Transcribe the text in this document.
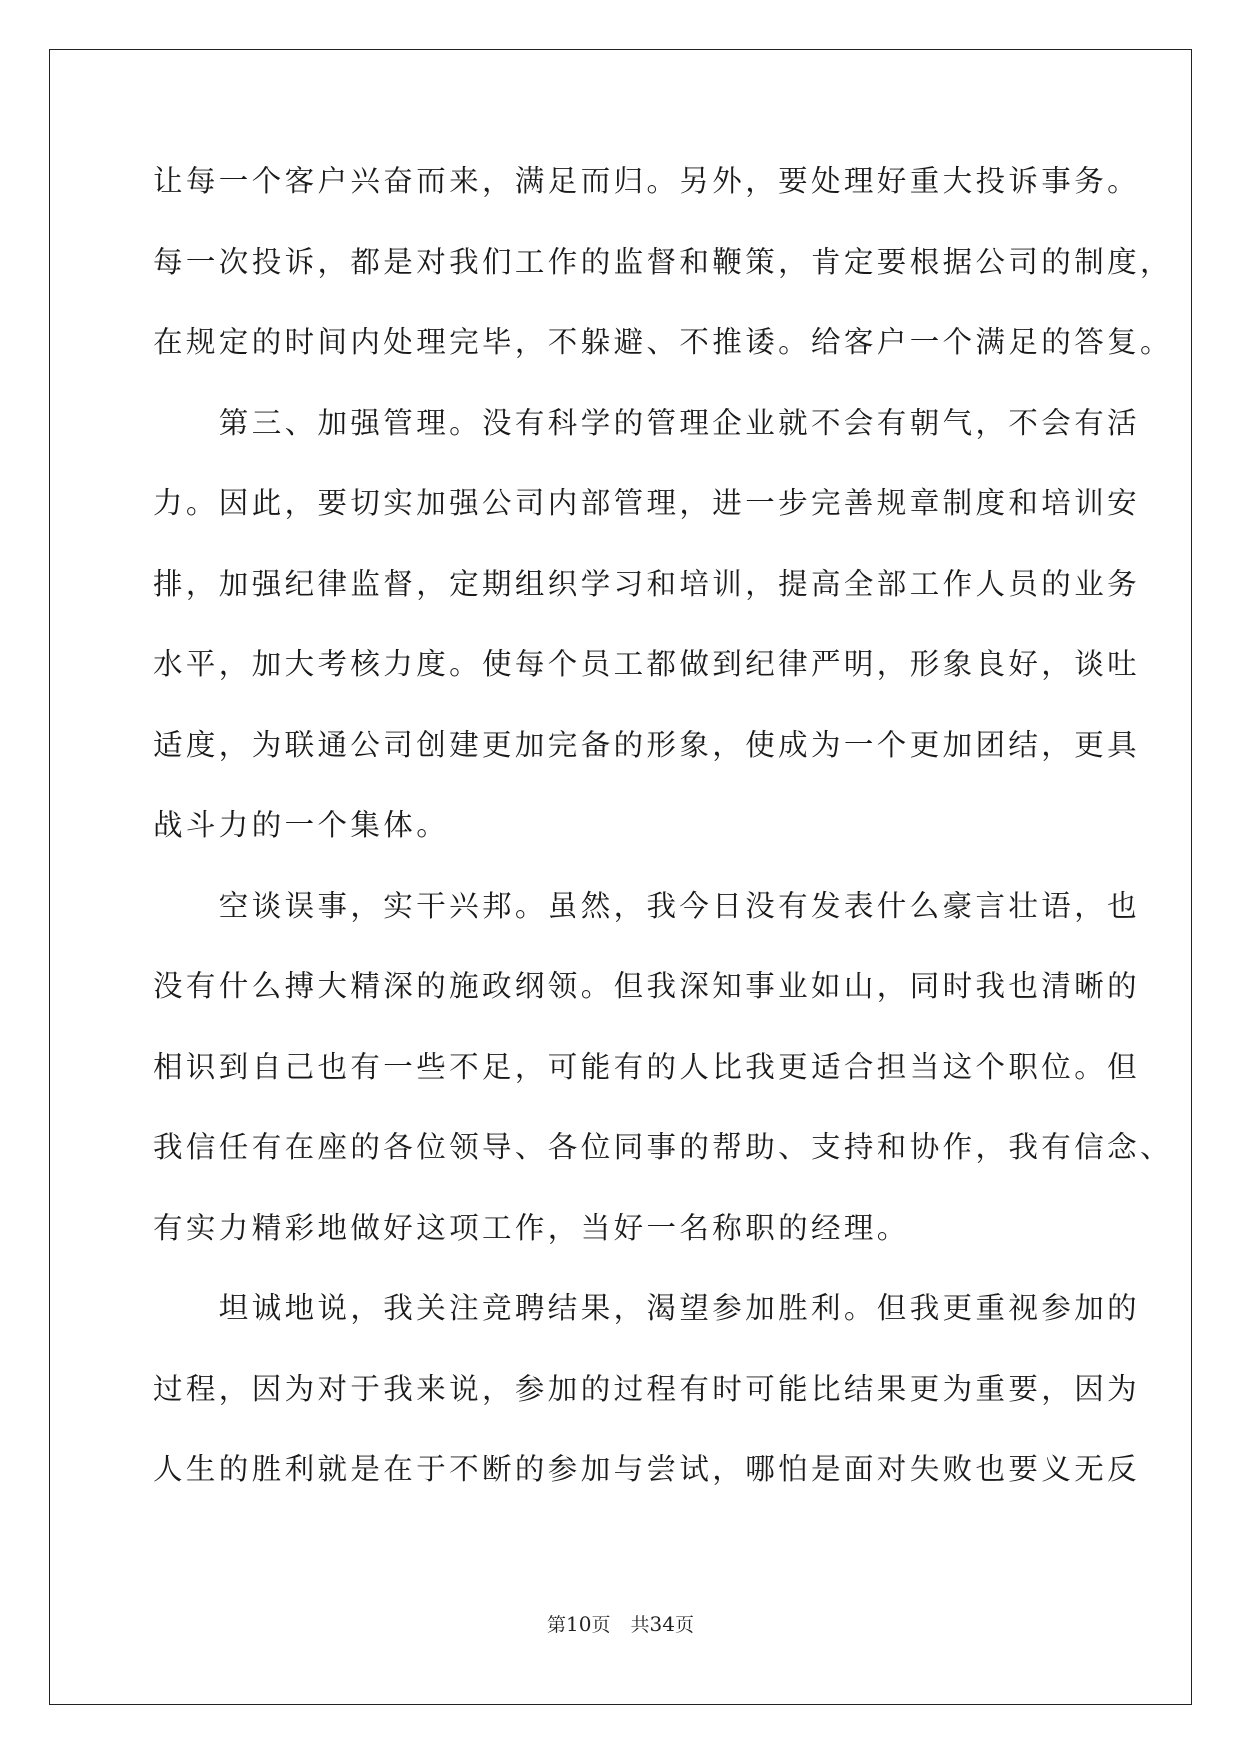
让每一个客户兴奋而来，满足而归。另外，要处理好重大投诉事务。
每一次投诉，都是对我们工作的监督和鞭策，肯定要根据公司的制度，
在规定的时间内处理完毕，不躲避、不推诿。给客户一个满足的答复。
　　第三、加强管理。没有科学的管理企业就不会有朝气，不会有活
力。因此，要切实加强公司内部管理，进一步完善规章制度和培训安
排，加强纪律监督，定期组织学习和培训，提高全部工作人员的业务
水平，加大考核力度。使每个员工都做到纪律严明，形象良好，谈吐
适度，为联通公司创建更加完备的形象，使成为一个更加团结，更具
战斗力的一个集体。
　　空谈误事，实干兴邦。虽然，我今日没有发表什么豪言壮语，也
没有什么搏大精深的施政纲领。但我深知事业如山，同时我也清晰的
相识到自己也有一些不足，可能有的人比我更适合担当这个职位。但
我信任有在座的各位领导、各位同事的帮助、支持和协作，我有信念、
有实力精彩地做好这项工作，当好一名称职的经理。
　　坦诚地说，我关注竞聘结果，渴望参加胜利。但我更重视参加的
过程，因为对于我来说，参加的过程有时可能比结果更为重要，因为
人生的胜利就是在于不断的参加与尝试，哪怕是面对失败也要义无反
第10页 共34页
